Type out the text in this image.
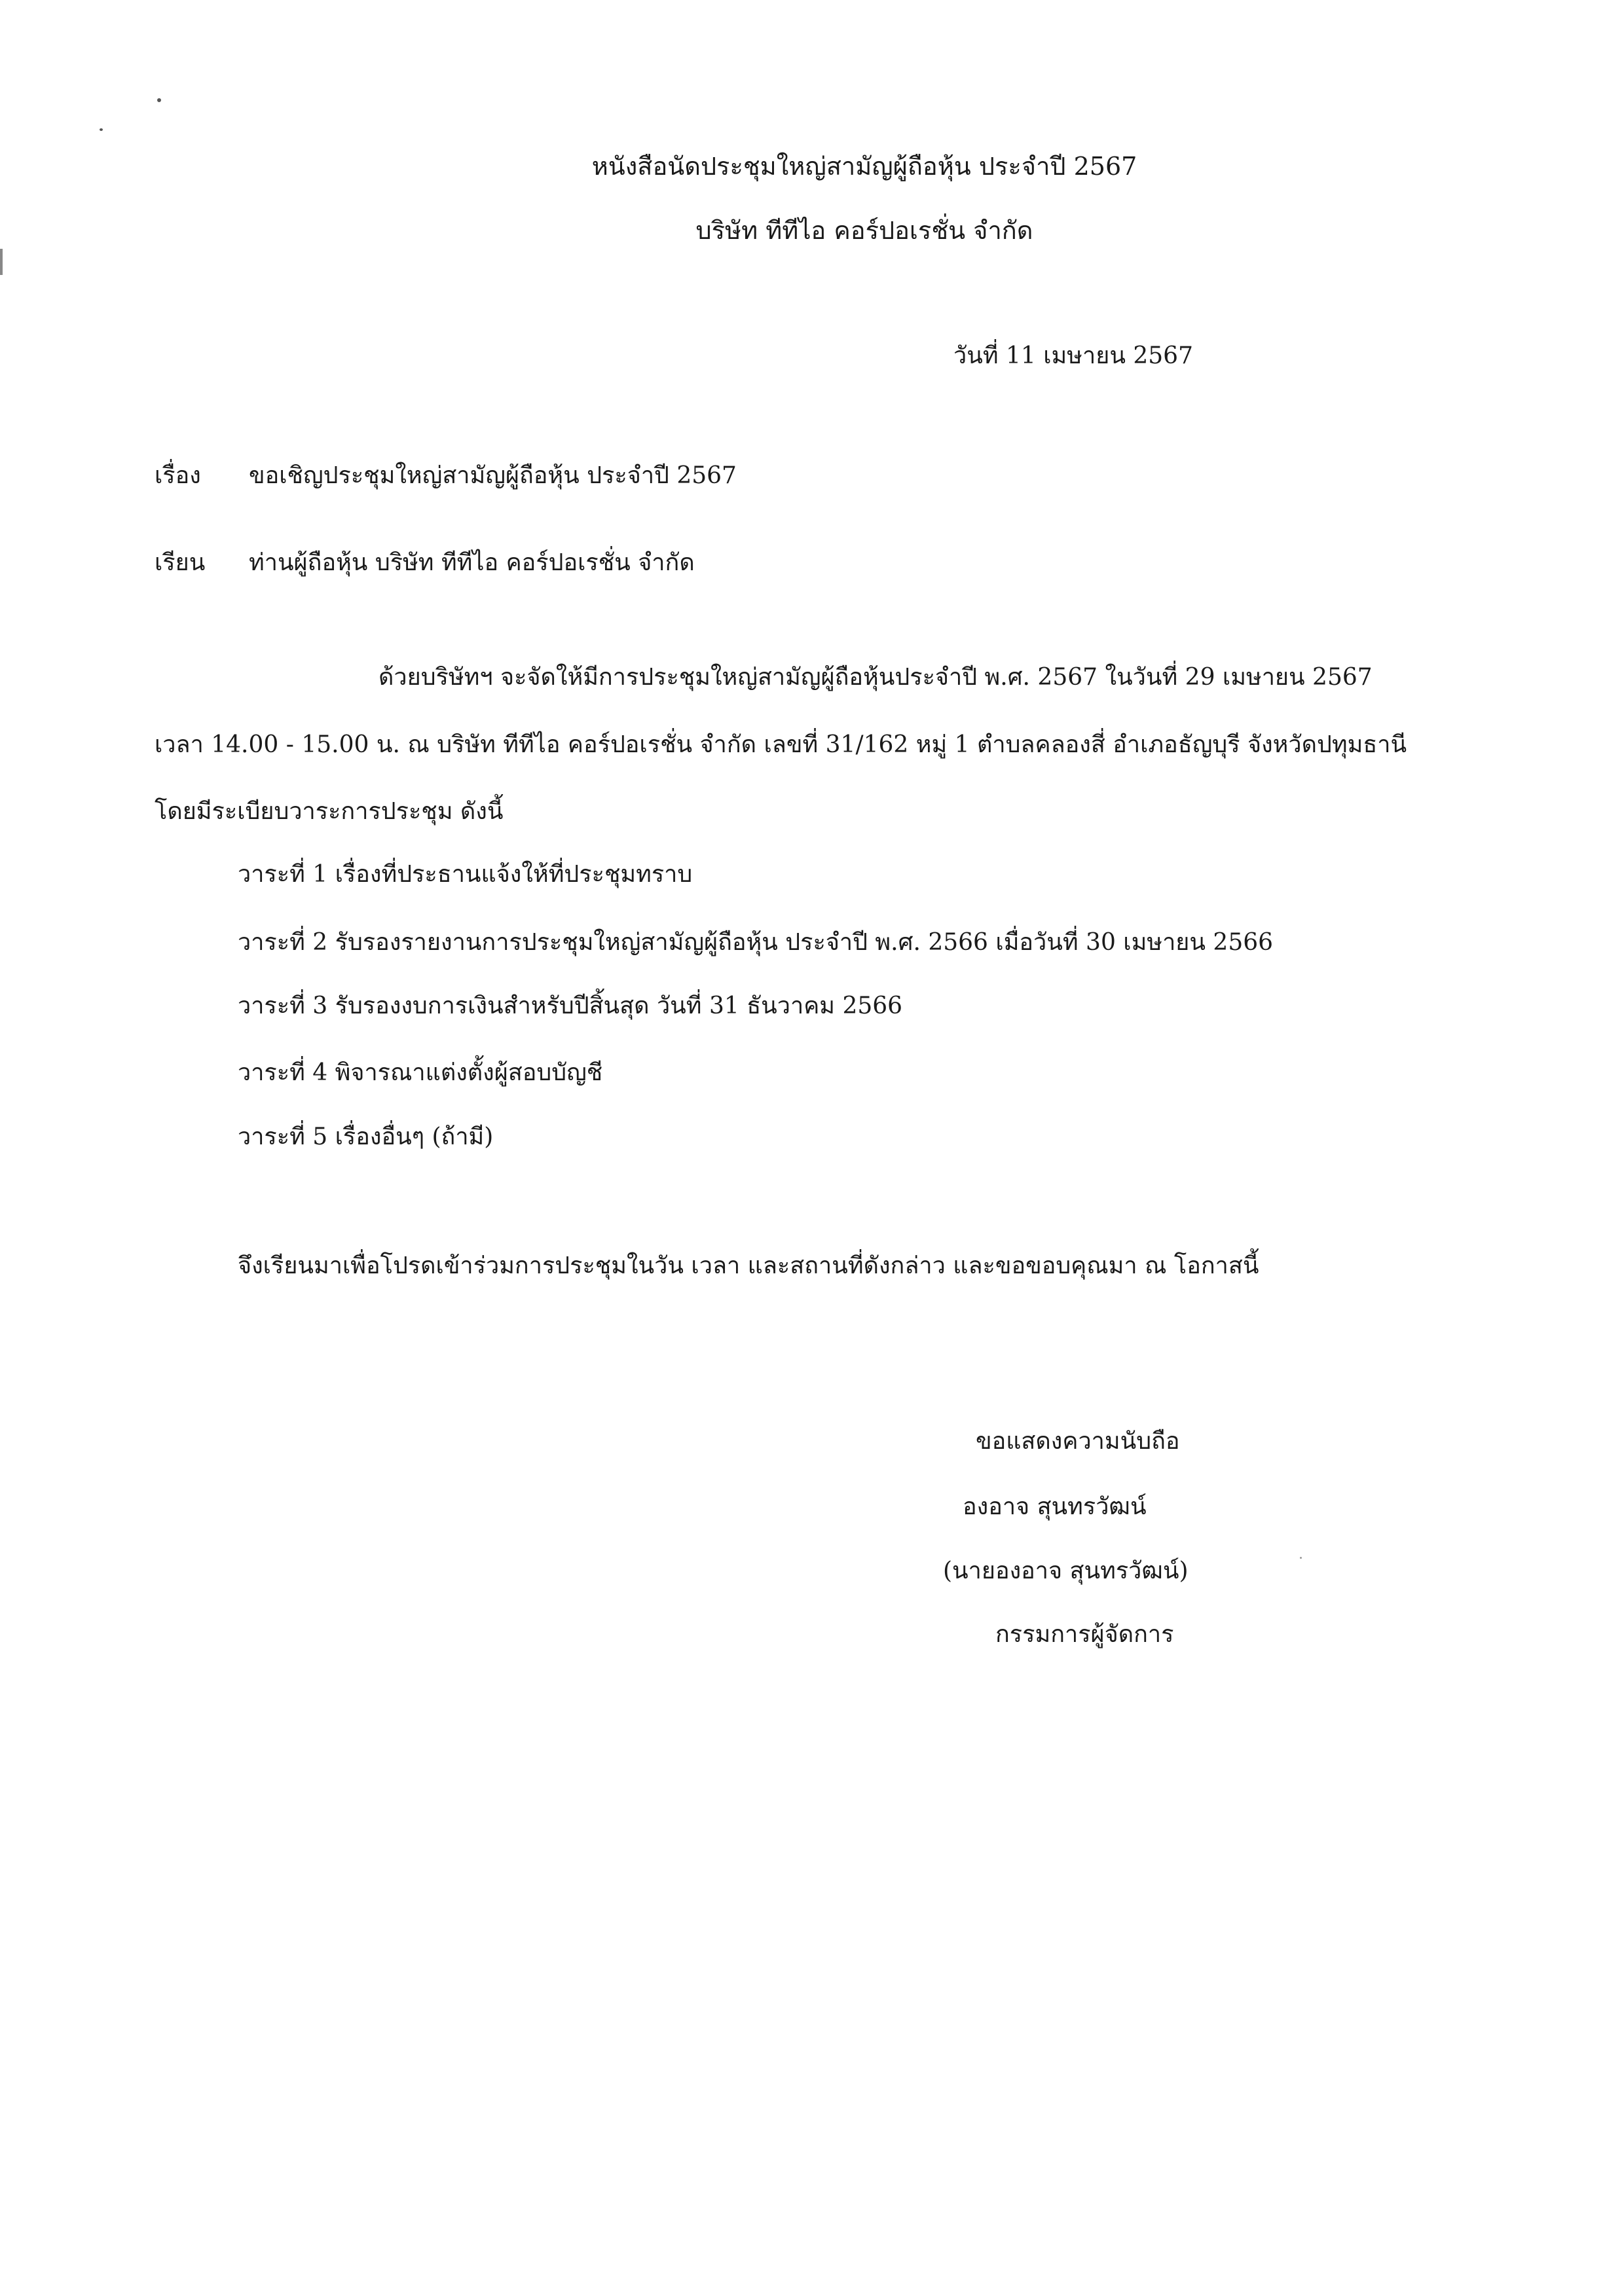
หนังสือนัดประชุมใหญ่สามัญผู้ถือหุ้น ประจำปี 2567
บริษัท ทีทีไอ คอร์ปอเรชั่น จำกัด
วันที่ 11 เมษายน 2567
เรื่อง ขอเชิญประชุมใหญ่สามัญผู้ถือหุ้น ประจำปี 2567
เรียน ท่านผู้ถือหุ้น บริษัท ทีทีไอ คอร์ปอเรชั่น จำกัด
ด้วยบริษัทฯ จะจัดให้มีการประชุมใหญ่สามัญผู้ถือหุ้นประจำปี พ.ศ. 2567 ในวันที่ 29 เมษายน 2567
เวลา 14.00 - 15.00 น. ณ บริษัท ทีทีไอ คอร์ปอเรชั่น จำกัด เลขที่ 31/162 หมู่ 1 ตำบลคลองสี่ อำเภอธัญบุรี จังหวัดปทุมธานี
โดยมีระเบียบวาระการประชุม ดังนี้
วาระที่ 1 เรื่องที่ประธานแจ้งให้ที่ประชุมทราบ
วาระที่ 2 รับรองรายงานการประชุมใหญ่สามัญผู้ถือหุ้น ประจำปี พ.ศ. 2566 เมื่อวันที่ 30 เมษายน 2566
วาระที่ 3 รับรองงบการเงินสำหรับปีสิ้นสุด วันที่ 31 ธันวาคม 2566
วาระที่ 4 พิจารณาแต่งตั้งผู้สอบบัญชี
วาระที่ 5 เรื่องอื่นๆ (ถ้ามี)
จึงเรียนมาเพื่อโปรดเข้าร่วมการประชุมในวัน เวลา และสถานที่ดังกล่าว และขอขอบคุณมา ณ โอกาสนี้
ขอแสดงความนับถือ
องอาจ สุนทรวัฒน์
(นายองอาจ สุนทรวัฒน์)
กรรมการผู้จัดการ
